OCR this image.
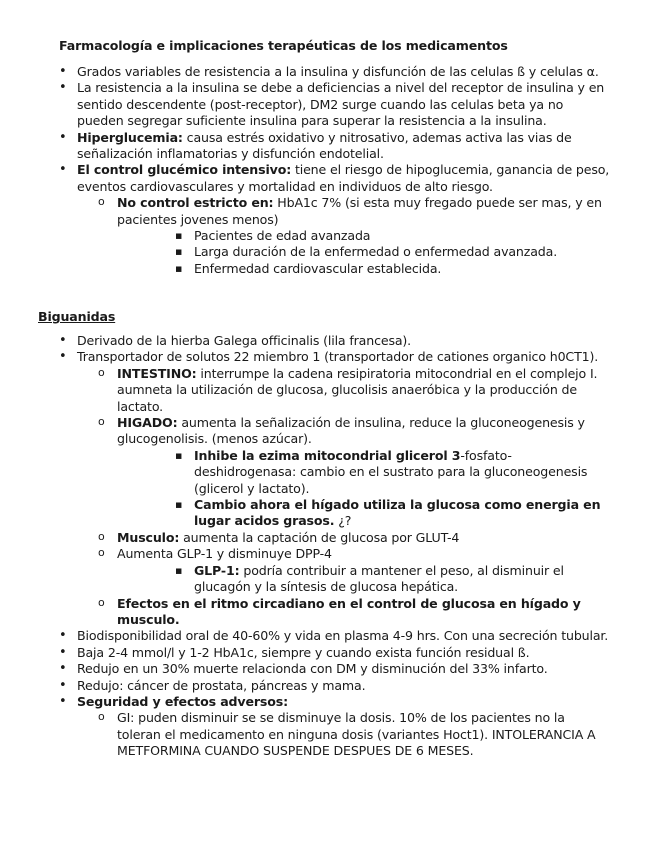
Farmacología e implicaciones terapéuticas de los medicamentos
• Grados variables de resistencia a la insulina y disfunción de las celulas ß y celulas α.
• La resistencia a la insulina se debe a deficiencias a nivel del receptor de insulina y en sentido descendente (post-receptor), DM2 surge cuando las celulas beta ya no pueden segregar suficiente insulina para superar la resistencia a la insulina.
• Hiperglucemia: causa estrés oxidativo y nitrosativo, ademas activa las vias de señalización inflamatorias y disfunción endotelial.
• El control glucémico intensivo: tiene el riesgo de hipoglucemia, ganancia de peso, eventos cardiovasculares y mortalidad en individuos de alto riesgo.
o No control estricto en: HbA1c 7% (si esta muy fregado puede ser mas, y en pacientes jovenes menos)
▪ Pacientes de edad avanzada
▪ Larga duración de la enfermedad o enfermedad avanzada.
▪ Enfermedad cardiovascular establecida.
Biguanidas
• Derivado de la hierba Galega officinalis (lila francesa).
• Transportador de solutos 22 miembro 1 (transportador de cationes organico h0CT1).
o INTESTINO: interrumpe la cadena resipiratoria mitocondrial en el complejo I. aumneta la utilización de glucosa, glucolisis anaeróbica y la producción de lactato.
o HIGADO: aumenta la señalización de insulina, reduce la gluconeogenesis y glucogenolisis. (menos azúcar).
▪ Inhibe la ezima mitocondrial glicerol 3-fosfato- deshidrogenasa: cambio en el sustrato para la gluconeogenesis (glicerol y lactato).
▪ Cambio ahora el hígado utiliza la glucosa como energia en lugar acidos grasos. ¿?
o Musculo: aumenta la captación de glucosa por GLUT-4
o Aumenta GLP-1 y disminuye DPP-4
▪ GLP-1: podría contribuir a mantener el peso, al disminuir el glucagón y la síntesis de glucosa hepática.
o Efectos en el ritmo circadiano en el control de glucosa en hígado y musculo.
• Biodisponibilidad oral de 40-60% y vida en plasma 4-9 hrs. Con una secreción tubular.
• Baja 2-4 mmol/l y 1-2 HbA1c, siempre y cuando exista función residual ß.
• Redujo en un 30% muerte relacionda con DM y disminución del 33% infarto.
• Redujo: cáncer de prostata, páncreas y mama.
• Seguridad y efectos adversos:
o GI: puden disminuir se se disminuye la dosis. 10% de los pacientes no la toleran el medicamento en ninguna dosis (variantes Hoct1). INTOLERANCIA A METFORMINA CUANDO SUSPENDE DESPUES DE 6 MESES.
